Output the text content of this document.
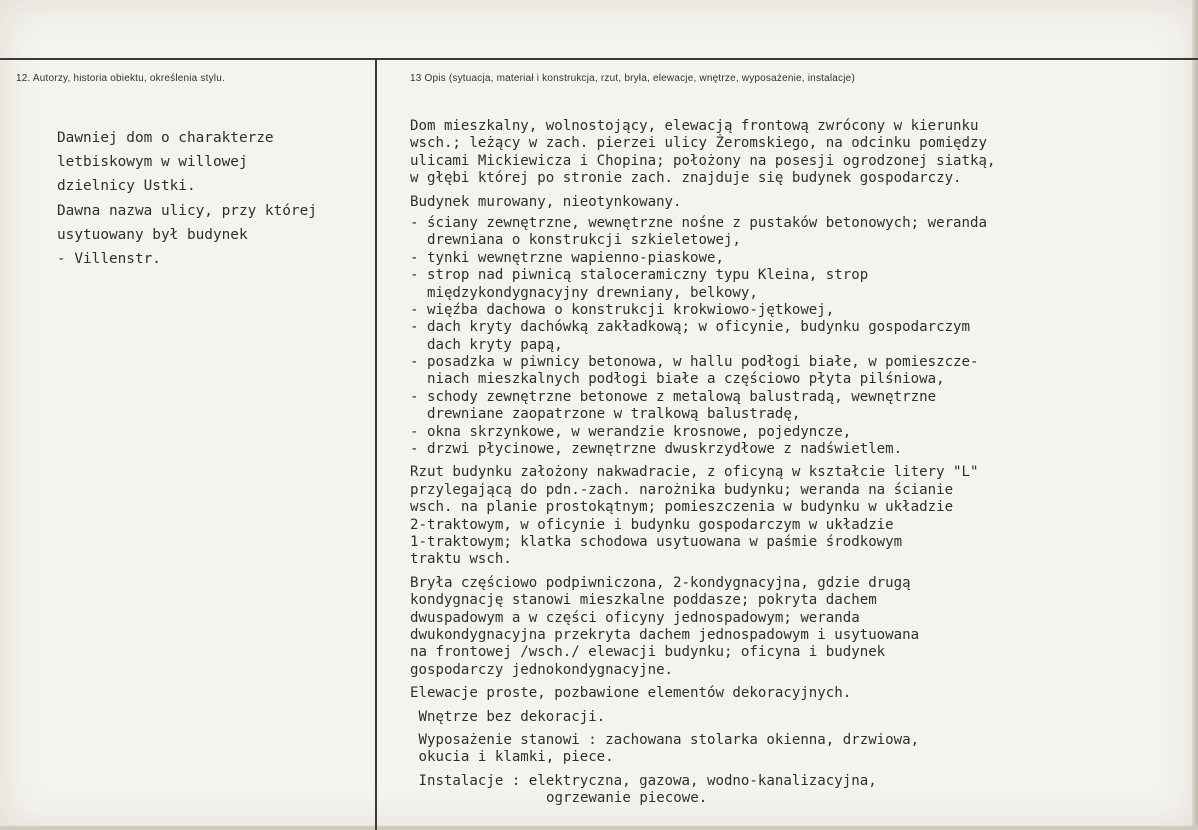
12. Autorzy, historia obiektu, określenia stylu.	13 Opis (sytuacja, materiał i konstrukcja, rzut, bryła, elewacje, wnętrze, wyposażenie, instalacje)
Dawniej dom o charakterze
letbiskowym w willowej
dzielnicy Ustki.
Dawna nazwa ulicy, przy której
usytuowany był budynek
- Villenstr.
Dom mieszkalny, wolnostojący, elewacją frontową zwrócony w kierunku
wsch.; leżący w zach. pierzei ulicy Żeromskiego, na odcinku pomiędzy
ulicami Mickiewicza i Chopina; położony na posesji ogrodzonej siatką,
w głębi której po stronie zach. znajduje się budynek gospodarczy.
Budynek murowany, nieotynkowany.
- ściany zewnętrzne, wewnętrzne nośne z pustaków betonowych; weranda
drewniana o konstrukcji szkieletowej,
- tynki wewnętrzne wapienno-piaskowe,
- strop nad piwnicą staloceramiczny typu Kleina, strop
międzykondygnacyjny drewniany, belkowy,
- więźba dachowa o konstrukcji krokwiowo-jętkowej,
- dach kryty dachówką zakładkową; w oficynie, budynku gospodarczym
dach kryty papą,
- posadzka w piwnicy betonowa, w hallu podłogi białe, w pomieszcze-
niach mieszkalnych podłogi białe a częściowo płyta pilśniowa,
- schody zewnętrzne betonowe z metalową balustradą, wewnętrzne
drewniane zaopatrzone w tralkową balustradę,
- okna skrzynkowe, w werandzie krosnowe, pojedyncze,
- drzwi płycinowe, zewnętrzne dwuskrzydłowe z nadświetlem.
Rzut budynku założony nakwadracie, z oficyną w kształcie litery "L"
przylegającą do pdn.-zach. narożnika budynku; weranda na ścianie
wsch. na planie prostokątnym; pomieszczenia w budynku w układzie
2-traktowym, w oficynie i budynku gospodarczym w układzie
1-traktowym; klatka schodowa usytuowana w paśmie środkowym
traktu wsch.
Bryła częściowo podpiwniczona, 2-kondygnacyjna, gdzie drugą
kondygnację stanowi mieszkalne poddasze; pokryta dachem
dwuspadowym a w części oficyny jednospadowym; weranda
dwukondygnacyjna przekryta dachem jednospadowym i usytuowana
na frontowej /wsch./ elewacji budynku; oficyna i budynek
gospodarczy jednokondygnacyjne.
Elewacje proste, pozbawione elementów dekoracyjnych.
Wnętrze bez dekoracji.
Wyposażenie stanowi : zachowana stolarka okienna, drzwiowa,
okucia i klamki, piece.
Instalacje : elektryczna, gazowa, wodno-kanalizacyjna,
ogrzewanie piecowe.
